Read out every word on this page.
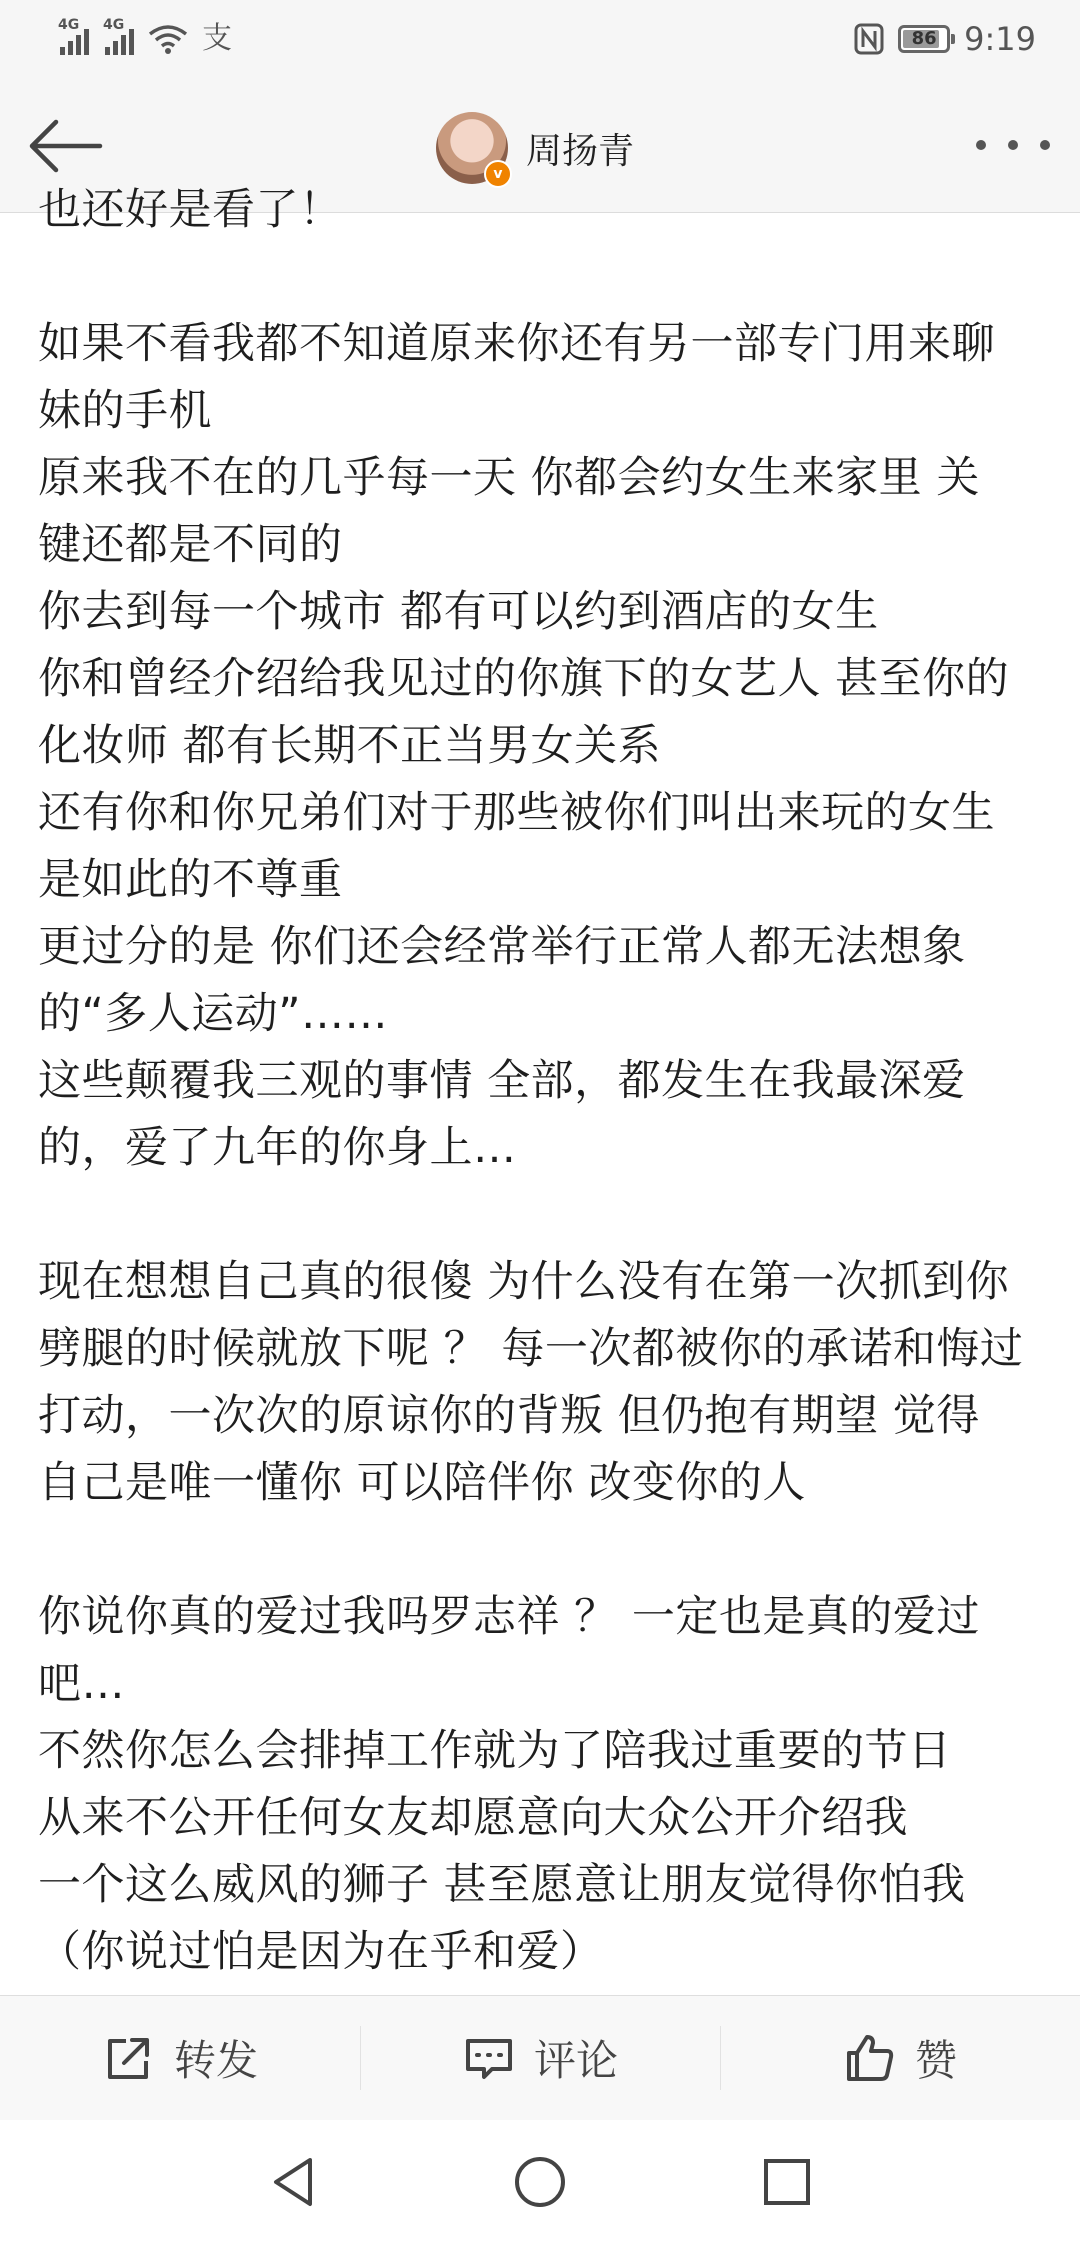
4G 4G	支	86 9:19
v
周扬青
也还好是看了！
如果不看我都不知道原来你还有另一部专门用来聊
妹的手机
原来我不在的几乎每一天 你都会约女生来家里 关
键还都是不同的
你去到每一个城市 都有可以约到酒店的女生
你和曾经介绍给我见过的你旗下的女艺人 甚至你的
化妆师 都有长期不正当男女关系
还有你和你兄弟们对于那些被你们叫出来玩的女生
是如此的不尊重
更过分的是 你们还会经常举行正常人都无法想象
的“多人运动”……
这些颠覆我三观的事情 全部，都发生在我最深爱
的，爱了九年的你身上…
现在想想自己真的很傻 为什么没有在第一次抓到你
劈腿的时候就放下呢 ？ 每一次都被你的承诺和悔过
打动，一次次的原谅你的背叛 但仍抱有期望 觉得
自己是唯一懂你 可以陪伴你 改变你的人
你说你真的爱过我吗罗志祥 ？ 一定也是真的爱过
吧…
不然你怎么会排掉工作就为了陪我过重要的节日
从来不公开任何女友却愿意向大众公开介绍我
一个这么威风的狮子 甚至愿意让朋友觉得你怕我
（你说过怕是因为在乎和爱）
转发	评论	赞
